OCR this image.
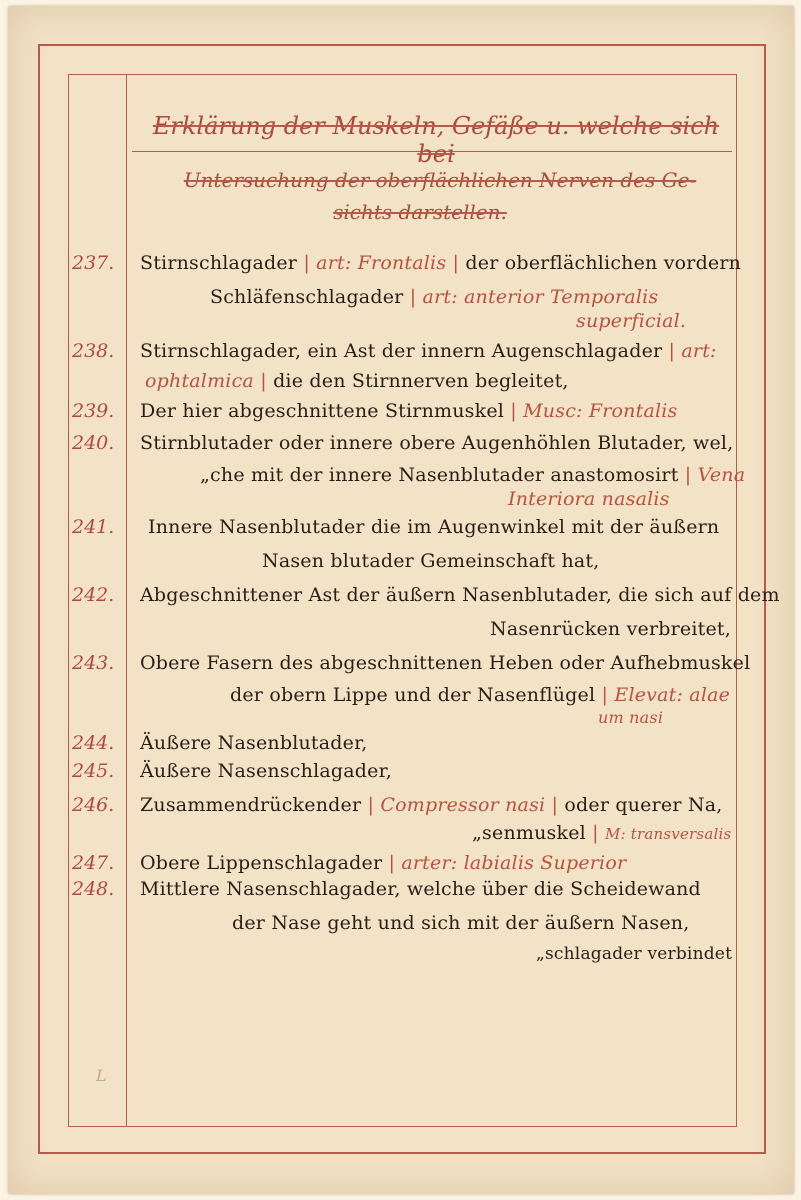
Erklärung der Muskeln, Gefäße u. welche sich bei
Untersuchung der oberflächlichen Nerven des Ge-
sichts darstellen.
237.	Stirnschlagader | art: Frontalis | der oberflächlichen vordern
Schläfenschlagader | art: anterior Temporalis
superficial.
238.	Stirnschlagader, ein Ast der innern Augenschlagader | art:
ophtalmica | die den Stirnnerven begleitet,
239.	Der hier abgeschnittene Stirnmuskel | Musc: Frontalis
240.	Stirnblutader oder innere obere Augenhöhlen Blutader, wel,
„che mit der innere Nasenblutader anastomosirt | Vena
Interiora nasalis
241.	Innere Nasenblutader die im Augenwinkel mit der äußern
Nasen blutader Gemeinschaft hat,
242.	Abgeschnittener Ast der äußern Nasenblutader, die sich auf dem
Nasenrücken verbreitet,
243.	Obere Fasern des abgeschnittenen Heben oder Aufhebmuskel
der obern Lippe und der Nasenflügel | Elevat: alae
um nasi
244.	Äußere Nasenblutader,
245.	Äußere Nasenschlagader,
246.	Zusammendrückender | Compressor nasi | oder querer Na,
„senmuskel | M: transversalis
247.	Obere Lippenschlagader | arter: labialis Superior
248.	Mittlere Nasenschlagader, welche über die Scheidewand
der Nase geht und sich mit der äußern Nasen,
„schlagader verbindet
L
